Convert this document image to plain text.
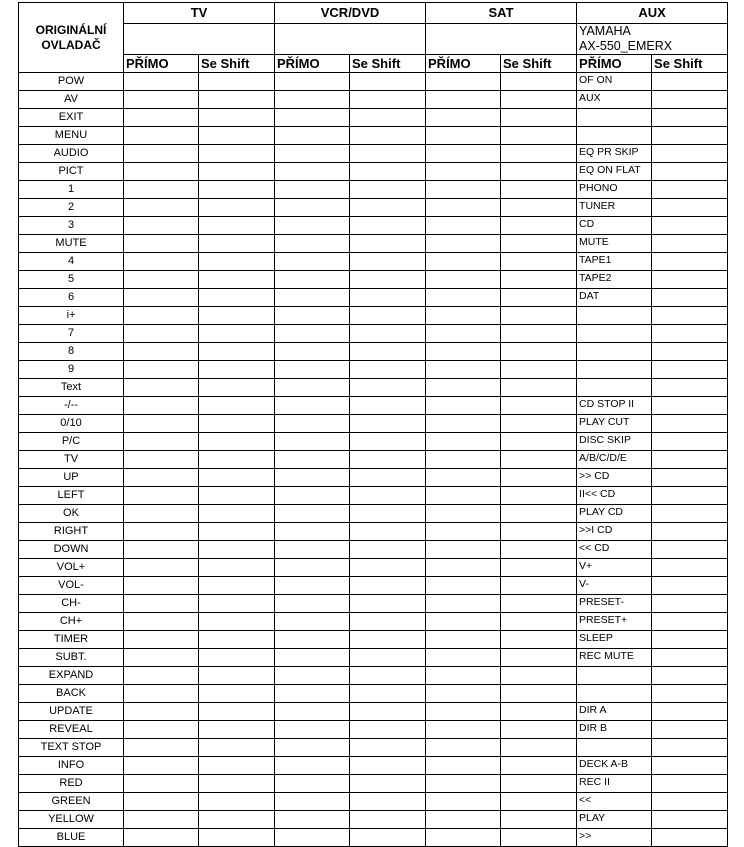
ORIGINÁLNÍ
OVLADAČ	TV		VCR/DVD		SAT		AUX	
							YAMAHA
AX-550_EMERX	
	PŘÍMO	Se Shift	PŘÍMO	Se Shift	PŘÍMO	Se Shift	PŘÍMO	Se Shift
POW							OF ON	
AV							AUX	
EXIT								
MENU								
AUDIO							EQ PR SKIP	
PICT							EQ ON FLAT	
1							PHONO	
2							TUNER	
3							CD	
MUTE							MUTE	
4							TAPE1	
5							TAPE2	
6							DAT	
i+								
7								
8								
9								
Text								
-/--							CD STOP II	
0/10							PLAY CUT	
P/C							DISC SKIP	
TV							A/B/C/D/E	
UP							>> CD	
LEFT							II<< CD	
OK							PLAY CD	
RIGHT							>>I CD	
DOWN							<< CD	
VOL+							V+	
VOL-							V-	
CH-							PRESET-	
CH+							PRESET+	
TIMER							SLEEP	
SUBT.							REC MUTE	
EXPAND								
BACK								
UPDATE							DIR A	
REVEAL							DIR B	
TEXT STOP								
INFO							DECK A-B	
RED							REC II	
GREEN							<<	
YELLOW							PLAY	
BLUE							>>	
